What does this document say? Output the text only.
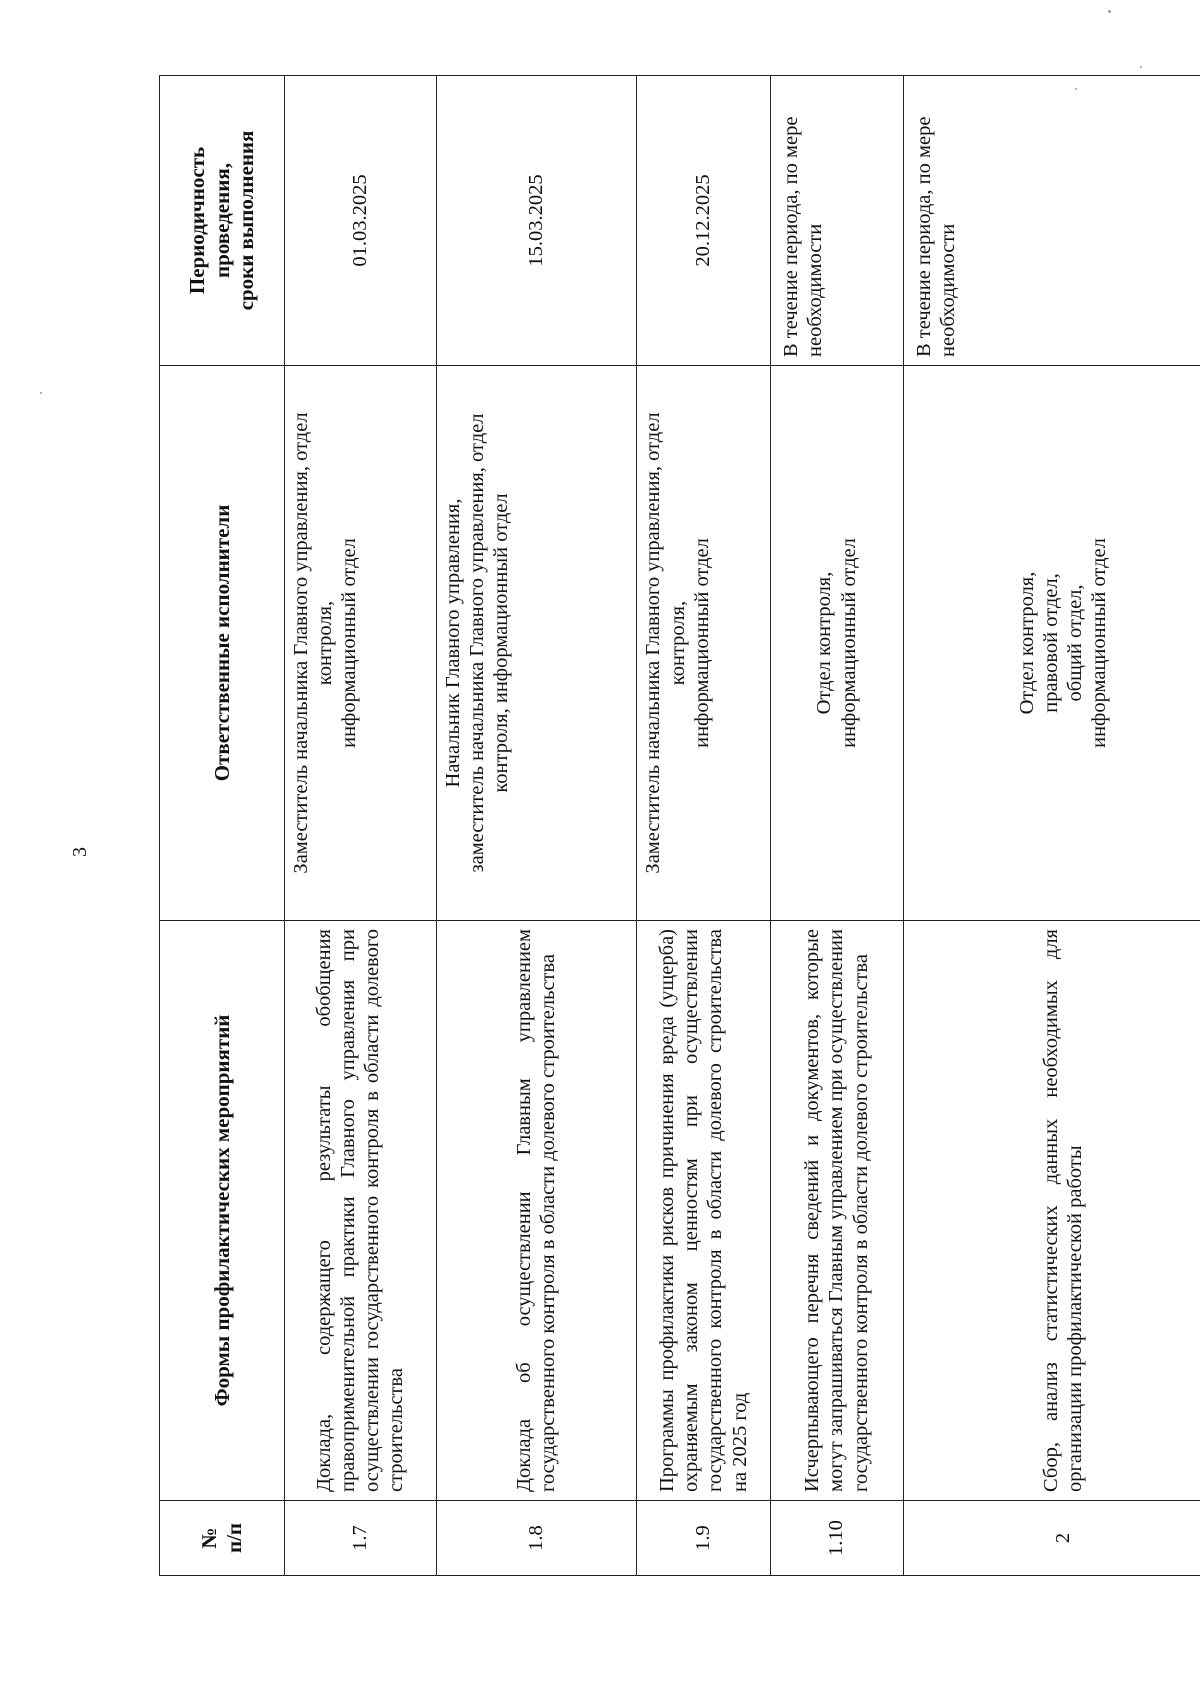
3
№
п/п	Формы профилактических мероприятий	Ответственные исполнители	Периодичность
проведения,
сроки выполнения
1.7	Доклада, содержащего результаты обобщения правоприменительной практики Главного управления при осуществлении государственного контроля в области долевого строительства	Заместитель начальника Главного управления, отдел контроля,
информационный отдел	01.03.2025
1.8	Доклада об осуществлении Главным управлением государственного контроля в области долевого строительства	Начальник Главного управления,
заместитель начальника Главного управления, отдел контроля, информационный отдел	15.03.2025
1.9	Программы профилактики рисков причинения вреда (ущерба) охраняемым законом ценностям при осуществлении государственного контроля в области долевого строительства на 2025 год	Заместитель начальника Главного управления, отдел контроля,
информационный отдел	20.12.2025
1.10	Исчерпывающего перечня сведений и документов, которые могут запрашиваться Главным управлением при осуществлении государственного контроля в области долевого строительства	Отдел контроля,
информационный отдел	В течение периода, по мере необходимости
2	Сбор, анализ статистических данных необходимых для организации профилактической работы	Отдел контроля,
правовой отдел,
общий отдел,
информационный отдел	В течение периода, по мере необходимости
